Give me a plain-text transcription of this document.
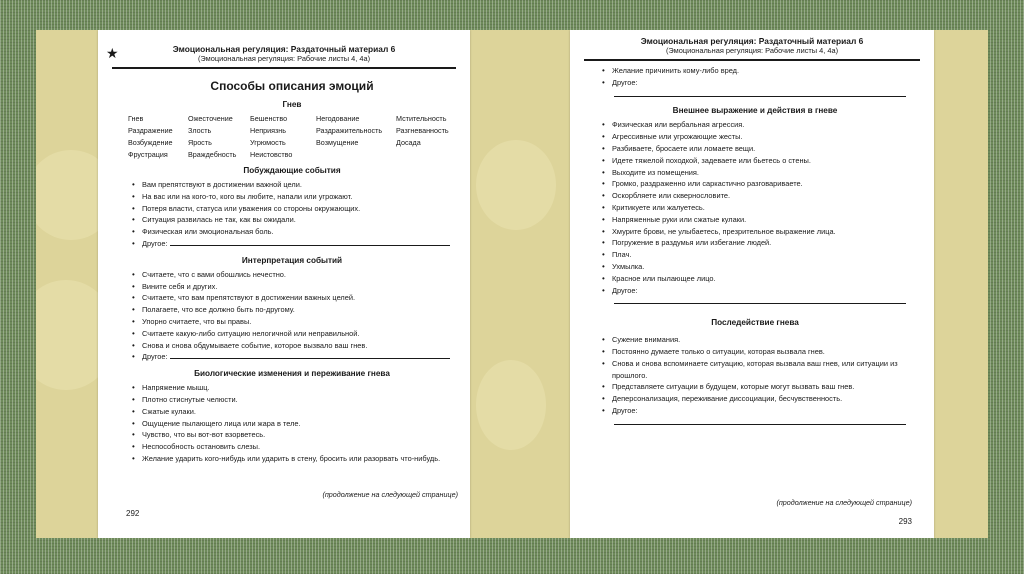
★	Эмоциональная регуляция: Раздаточный материал 6
(Эмоциональная регуляция: Рабочие листы 4, 4а)
Способы описания эмоций
Гнев
Гнев	Ожесточение	Бешенство	Негодование	Мстительность
Раздражение	Злость	Неприязнь	Раздражительность	Разгневанность
Возбуждение	Ярость	Угрюмость	Возмущение	Досада
Фрустрация	Враждебность	Неистовство
Побуждающие события
• Вам препятствуют в достижении важной цели.
• На вас или на кого-то, кого вы любите, напали или угрожают.
• Потеря власти, статуса или уважения со стороны окружающих.
• Ситуация развилась не так, как вы ожидали.
• Физическая или эмоциональная боль.
• Другое:
Интерпретация событий
• Считаете, что с вами обошлись нечестно.
• Вините себя и других.
• Считаете, что вам препятствуют в достижении важных целей.
• Полагаете, что все должно быть по-другому.
• Упорно считаете, что вы правы.
• Считаете какую-либо ситуацию нелогичной или неправильной.
• Снова и снова обдумываете событие, которое вызвало ваш гнев.
• Другое:
Биологические изменения и переживание гнева
• Напряжение мышц.
• Плотно стиснутые челюсти.
• Сжатые кулаки.
• Ощущение пылающего лица или жара в теле.
• Чувство, что вы вот-вот взорветесь.
• Неспособность остановить слезы.
• Желание ударить кого-нибудь или ударить в стену, бросить или разорвать что-нибудь.
(продолжение на следующей странице)
292
Эмоциональная регуляция: Раздаточный материал 6
(Эмоциональная регуляция: Рабочие листы 4, 4а)
• Желание причинить кому-либо вред.
• Другое:
Внешнее выражение и действия в гневе
• Физическая или вербальная агрессия.
• Агрессивные или угрожающие жесты.
• Разбиваете, бросаете или ломаете вещи.
• Идете тяжелой походкой, задеваете или бьетесь о стены.
• Выходите из помещения.
• Громко, раздраженно или саркастично разговариваете.
• Оскорбляете или сквернословите.
• Критикуете или жалуетесь.
• Напряженные руки или сжатые кулаки.
• Хмурите брови, не улыбаетесь, презрительное выражение лица.
• Погружение в раздумья или избегание людей.
• Плач.
• Ухмылка.
• Красное или пылающее лицо.
• Другое:
Последействие гнева
• Сужение внимания.
• Постоянно думаете только о ситуации, которая вызвала гнев.
• Снова и снова вспоминаете ситуацию, которая вызвала ваш гнев, или ситуации из прошлого.
• Представляете ситуации в будущем, которые могут вызвать ваш гнев.
• Деперсонализация, переживание диссоциации, бесчувственность.
• Другое:
(продолжение на следующей странице)
293
